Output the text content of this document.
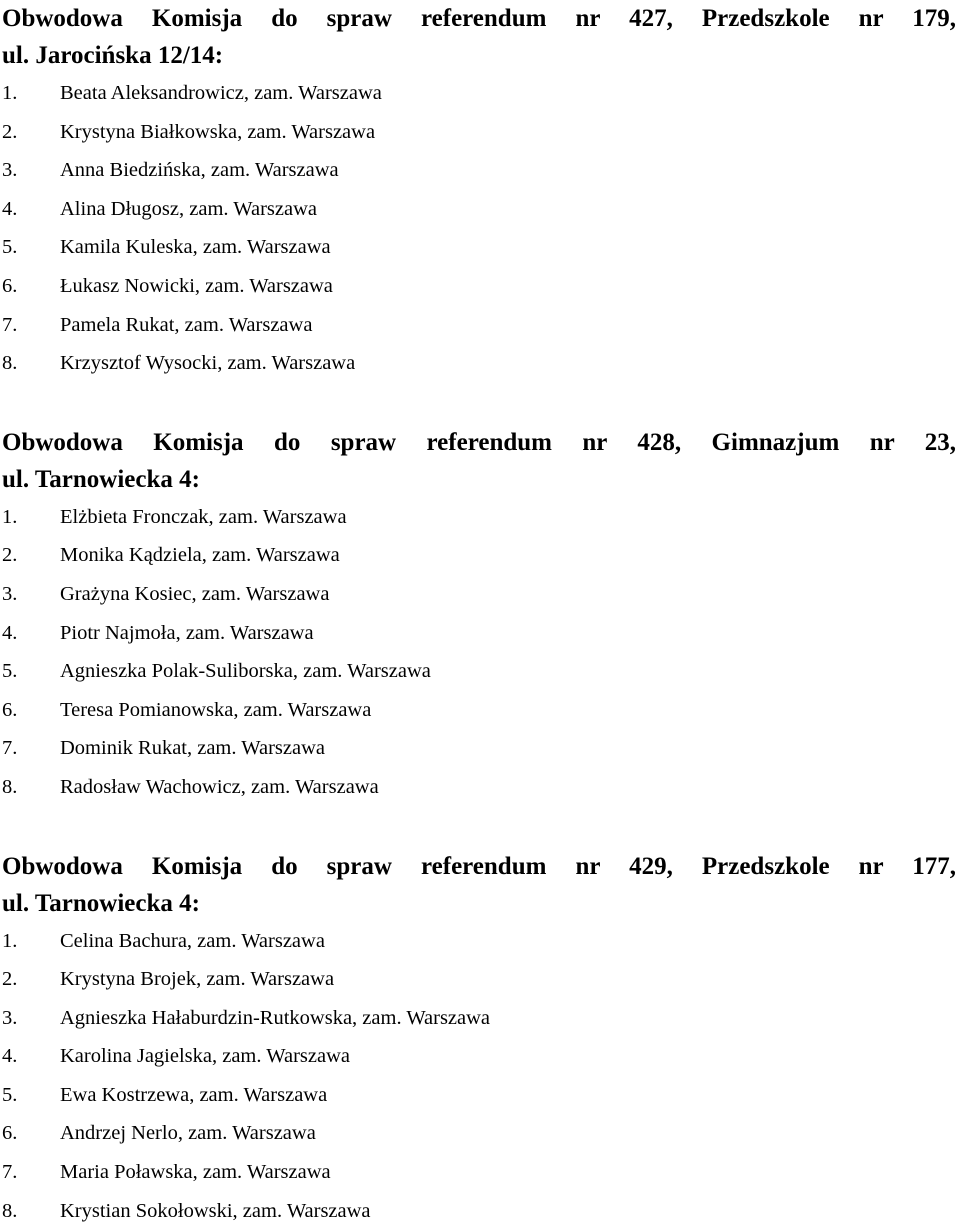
Obwodowa Komisja do spraw referendum nr 427, Przedszkole nr 179,
ul. Jarocińska 12/14:
1.	Beata Aleksandrowicz, zam. Warszawa
2.	Krystyna Białkowska, zam. Warszawa
3.	Anna Biedzińska, zam. Warszawa
4.	Alina Długosz, zam. Warszawa
5.	Kamila Kuleska, zam. Warszawa
6.	Łukasz Nowicki, zam. Warszawa
7.	Pamela Rukat, zam. Warszawa
8.	Krzysztof Wysocki, zam. Warszawa
Obwodowa Komisja do spraw referendum nr 428, Gimnazjum nr 23,
ul. Tarnowiecka 4:
1.	Elżbieta Fronczak, zam. Warszawa
2.	Monika Kądziela, zam. Warszawa
3.	Grażyna Kosiec, zam. Warszawa
4.	Piotr Najmoła, zam. Warszawa
5.	Agnieszka Polak-Suliborska, zam. Warszawa
6.	Teresa Pomianowska, zam. Warszawa
7.	Dominik Rukat, zam. Warszawa
8.	Radosław Wachowicz, zam. Warszawa
Obwodowa Komisja do spraw referendum nr 429, Przedszkole nr 177,
ul. Tarnowiecka 4:
1.	Celina Bachura, zam. Warszawa
2.	Krystyna Brojek, zam. Warszawa
3.	Agnieszka Hałaburdzin-Rutkowska, zam. Warszawa
4.	Karolina Jagielska, zam. Warszawa
5.	Ewa Kostrzewa, zam. Warszawa
6.	Andrzej Nerlo, zam. Warszawa
7.	Maria Poławska, zam. Warszawa
8.	Krystian Sokołowski, zam. Warszawa
